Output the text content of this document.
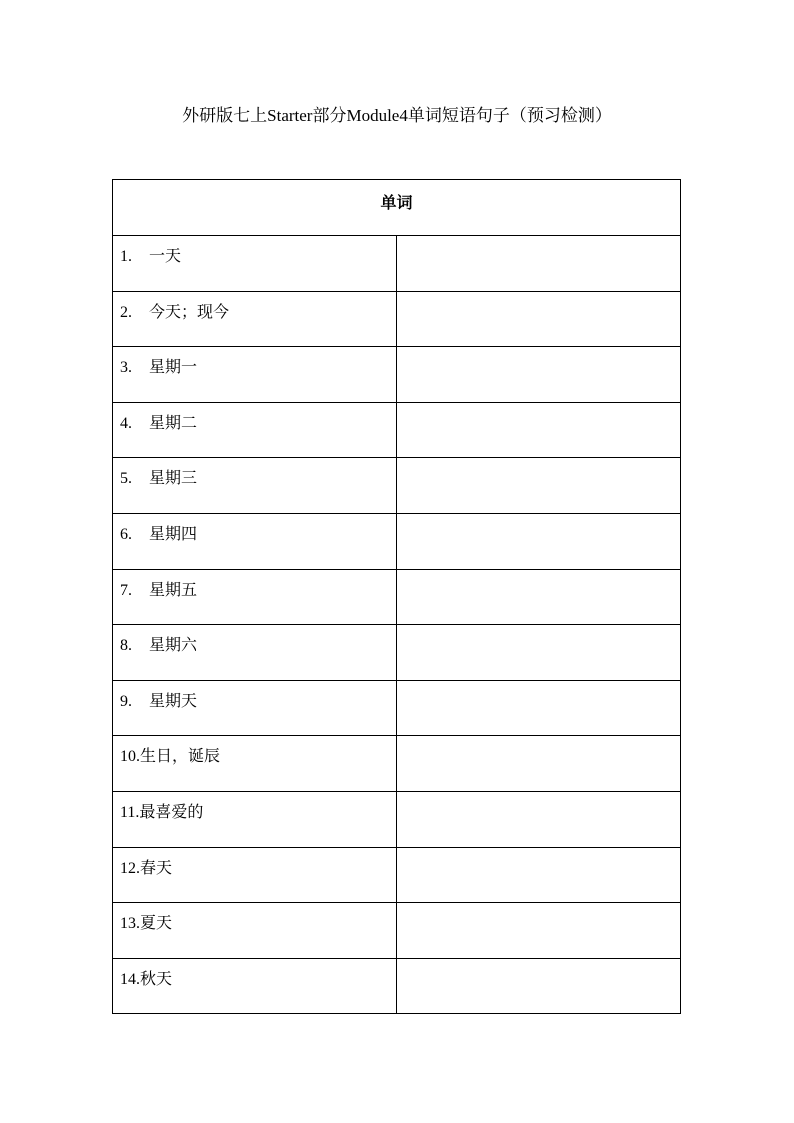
外研版七上Starter部分Module4单词短语句子（预习检测）
单词	
1. 一天	
2. 今天；现今	
3. 星期一	
4. 星期二	
5. 星期三	
6. 星期四	
7. 星期五	
8. 星期六	
9. 星期天	
10.生日，诞辰	
11.最喜爱的	
12.春天	
13.夏天	
14.秋天	
